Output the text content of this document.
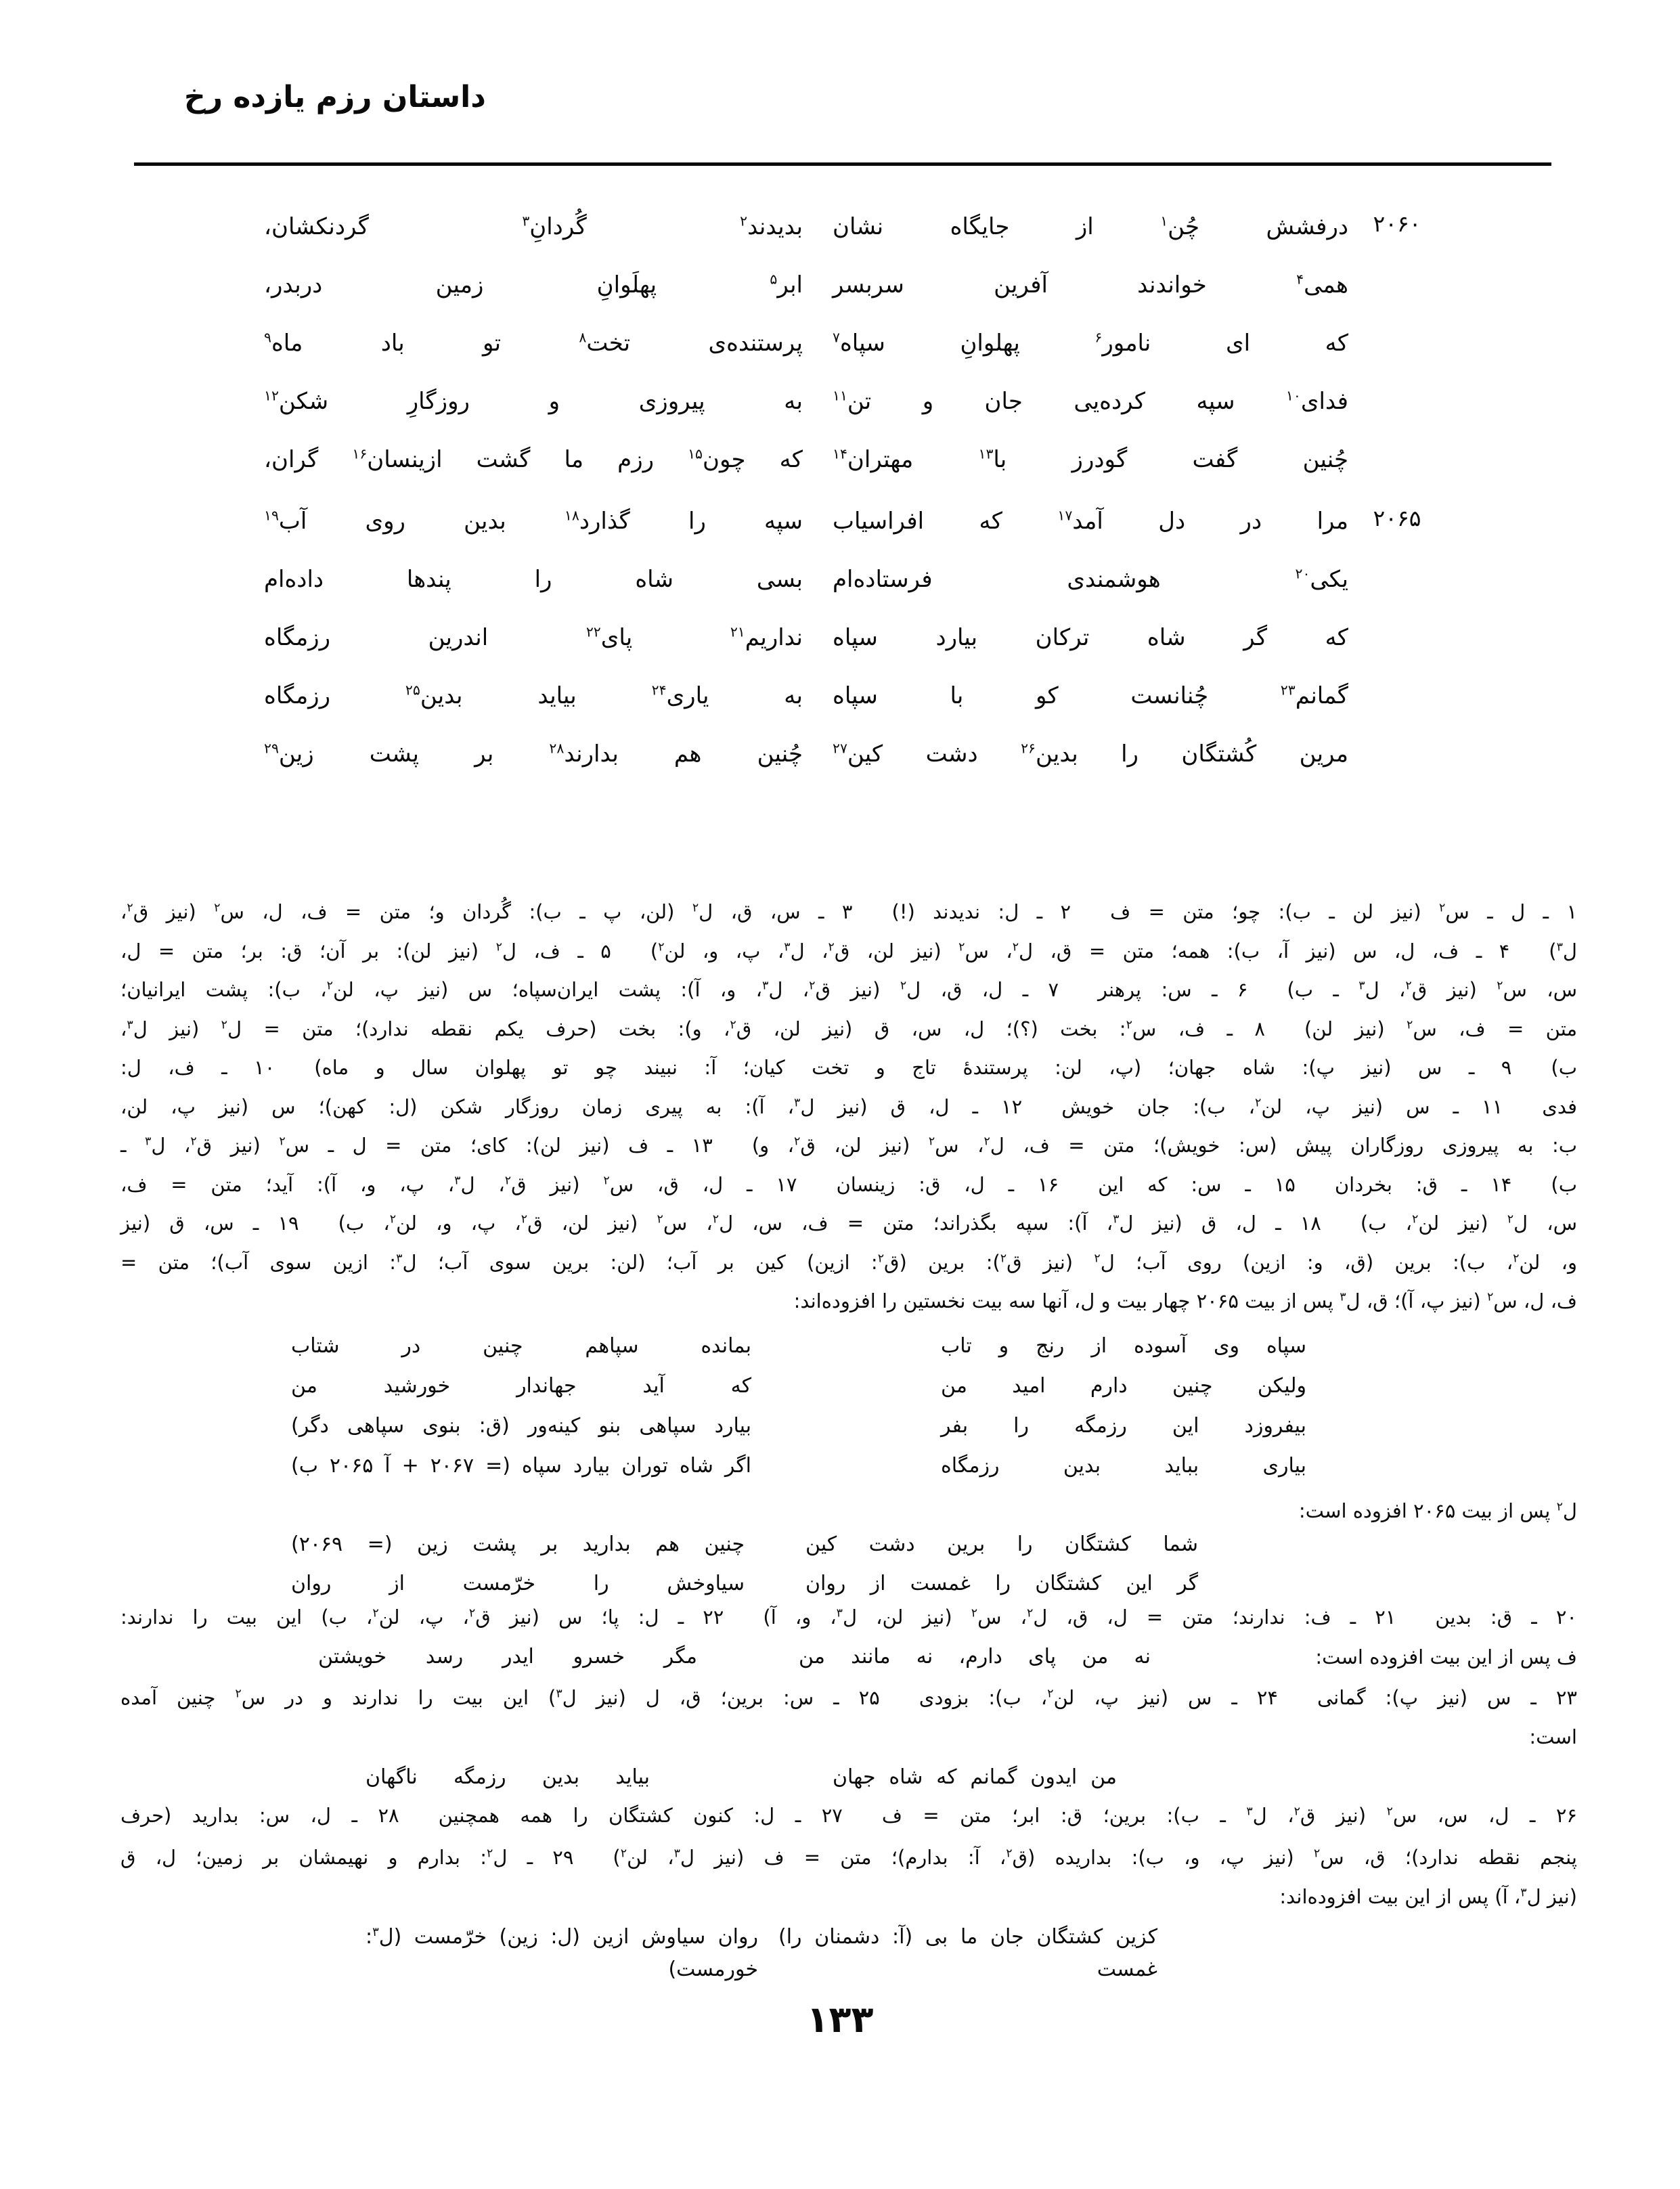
داستان رزم یازده رخ
۲۰۶۰
درفشش چُن$^۱$ از جایگاه نشان
بدیدند$^۲$ گُردانِ$^۳$ گردنکشان،
همی$^۴$ خواندند آفرین سربسر
ابر$^۵$ پهلَوانِ زمین دربدر،
که ای نامور$^۶$ پهلوانِ سپاه$^۷$
پرستنده‌ی تخت$^۸$ تو باد ماه$^۹$
فدای$^{۱۰}$ سپه کرده‌یی جان و تن$^{۱۱}$
به پیروزی و روزگارِ شکن$^{۱۲}$
چُنین گفت گودرز با$^{۱۳}$ مهتران$^{۱۴}$
که چون$^{۱۵}$ رزم ما گشت ازینسان$^{۱۶}$ گران،
۲۰۶۵
مرا در دل آمد$^{۱۷}$ که افراسیاب
سپه را گذارد$^{۱۸}$ بدین روی آب$^{۱۹}$
یکی$^{۲۰}$ هوشمندی فرستاده‌ام
بسی شاه را پندها داده‌ام
که گر شاه ترکان بیارد سپاه
نداریم$^{۲۱}$ پای$^{۲۲}$ اندرین رزمگاه
گمانم$^{۲۳}$ چُنانست کو با سپاه
به یاری$^{۲۴}$ بیاید بدین$^{۲۵}$ رزمگاه
مرین کُشتگان را بدین$^{۲۶}$ دشت کین$^{۲۷}$
چُنین هم بدارند$^{۲۸}$ بر پشت زین$^{۲۹}$
۱ ـ ل ـ س$^۲$ (نیز لن ـ ب): چو؛ متن = ف  ۲ ـ ل: ندیدند (!)  ۳ ـ س، ق، ل$^۲$ (لن، پ ـ ب): گُردان و؛ متن = ف، ل، س$^۲$ (نیز ق$^۲$،
ل$^۳$)  ۴ ـ ف، ل، س (نیز آ، ب): همه؛ متن = ق، ل$^۲$، س$^۲$ (نیز لن، ق$^۲$، ل$^۳$، پ، و، لن$^۲$)  ۵ ـ ف، ل$^۲$ (نیز لن): بر آن؛ ق: بر؛ متن = ل،
س، س$^۲$ (نیز ق$^۲$، ل$^۳$ ـ ب)  ۶ ـ س: پرهنر  ۷ ـ ل، ق، ل$^۲$ (نیز ق$^۲$، ل$^۳$، و، آ): پشت ایران‌سپاه؛ س (نیز پ، لن$^۲$، ب): پشت ایرانیان؛
متن = ف، س$^۲$ (نیز لن)  ۸ ـ ف، س$^۲$: بخت (؟)؛ ل، س، ق (نیز لن، ق$^۲$، و): بخت (حرف یکم نقطه ندارد)؛ متن = ل$^۲$ (نیز ل$^۳$،
ب)  ۹ ـ س (نیز پ): شاه جهان؛ (پ، لن: پرستندهٔ تاج و تخت کیان؛ آ: نبیند چو تو پهلوان سال و ماه)  ۱۰ ـ ف، ل:
فدی  ۱۱ ـ س (نیز پ، لن$^۲$، ب): جان خویش  ۱۲ ـ ل، ق (نیز ل$^۳$، آ): به پیری زمان روزگار شکن (ل: کهن)؛ س (نیز پ، لن،
ب: به پیروزی روزگاران پیش (س: خویش)؛ متن = ف، ل$^۲$، س$^۲$ (نیز لن، ق$^۲$، و)  ۱۳ ـ ف (نیز لن): کای؛ متن = ل ـ س$^۲$ (نیز ق$^۲$، ل$^۳$ ـ
ب)  ۱۴ ـ ق: بخردان  ۱۵ ـ س: که این  ۱۶ ـ ل، ق: زینسان  ۱۷ ـ ل، ق، س$^۲$ (نیز ق$^۲$، ل$^۳$، پ، و، آ): آید؛ متن = ف،
س، ل$^۲$ (نیز لن$^۲$، ب)  ۱۸ ـ ل، ق (نیز ل$^۳$، آ): سپه بگذراند؛ متن = ف، س، ل$^۲$، س$^۲$ (نیز لن، ق$^۲$، پ، و، لن$^۲$، ب)  ۱۹ ـ س، ق (نیز
و، لن$^۲$، ب): برین (ق، و: ازین) روی آب؛ ل$^۲$ (نیز ق$^۲$): برین (ق$^۲$: ازین) کین بر آب؛ (لن: برین سوی آب؛ ل$^۳$: ازین سوی آب)؛ متن =
ف، ل، س$^۲$ (نیز پ، آ)؛ ق، ل$^۳$ پس از بیت ۲۰۶۵ چهار بیت و ل، آنها سه بیت نخستین را افزوده‌اند:
سپاه وی آسوده از رنج و تاب
بمانده سپاهم چنین در شتاب
ولیکن چنین دارم امید من
که آید جهاندار خورشید من
بیفروزد این رزمگه را بفر
بیارد سپاهی بنو کینه‌ور (ق: بنوی سپاهی دگر)
بیاری بباید بدین رزمگاه
اگر شاه توران بیارد سپاه (= ۲۰۶۷ + آ ۲۰۶۵ ب)
ل$^۲$ پس از بیت ۲۰۶۵ افزوده است:
شما کشتگان را برین دشت کین
چنین هم بدارید بر پشت زین (= ۲۰۶۹)
گر این کشتگان را غمست از روان
سیاوخش را خرّمست از روان
۲۰ ـ ق: بدین  ۲۱ ـ ف: ندارند؛ متن = ل، ق، ل$^۲$، س$^۲$ (نیز لن، ل$^۳$، و، آ)  ۲۲ ـ ل: پا؛ س (نیز ق$^۲$، پ، لن$^۲$، ب) این بیت را ندارند:
ف پس از این بیت افزوده است:
نه من پای دارم، نه مانند من
مگر خسرو ایدر رسد خویشتن
۲۳ ـ س (نیز پ): گمانی  ۲۴ ـ س (نیز پ، لن$^۲$، ب): بزودی  ۲۵ ـ س: برین؛ ق، ل (نیز ل$^۳$) این بیت را ندارند و در س$^۲$ چنین آمده
است:
من ایدون گمانم که شاه جهان
بیاید بدین رزمگه ناگهان
۲۶ ـ ل، س، س$^۲$ (نیز ق$^۲$، ل$^۳$ ـ ب): برین؛ ق: ابر؛ متن = ف  ۲۷ ـ ل: کنون کشتگان را همه همچنین  ۲۸ ـ ل، س: بدارید (حرف
پنجم نقطه ندارد)؛ ق، س$^۲$ (نیز پ، و، ب): بداریده (ق$^۲$، آ: بدارم)؛ متن = ف (نیز ل$^۳$، لن$^۲$)  ۲۹ ـ ل$^۲$: بدارم و نهیمشان بر زمین؛ ل، ق
(نیز ل$^۳$، آ) پس از این بیت افزوده‌اند:
کزین کشتگان جان ما بی (آ: دشمنان را) غمست
روان سیاوش ازین (ل: زین) خرّمست (ل$^۳$: خورمست)
۱۳۳
